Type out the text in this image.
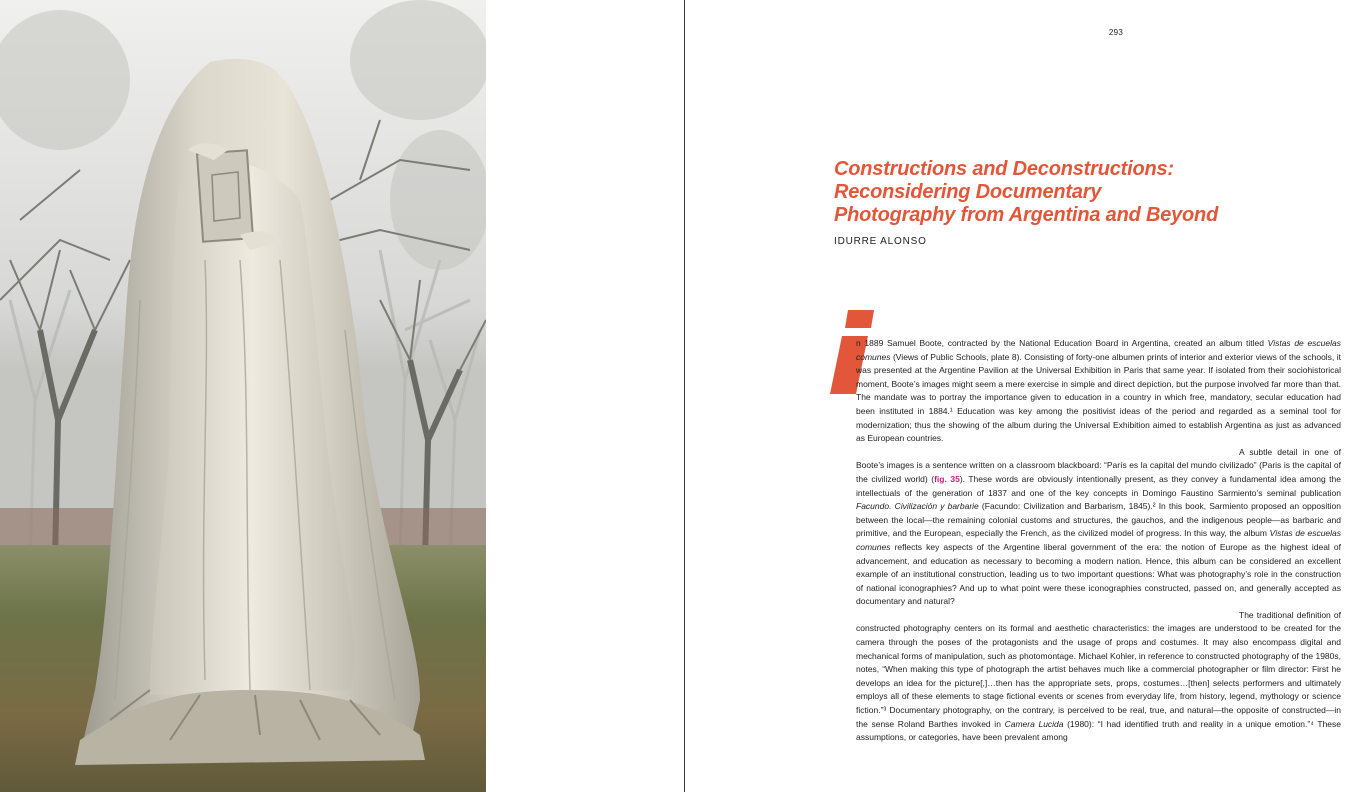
293
Constructions and Deconstructions:
Reconsidering Documentary
Photography from Argentina and Beyond
IDURRE ALONSO

n 1889 Samuel Boote, contracted by the National Education Board in Argentina, created an album titled Vistas de escuelas comunes (Views of Public Schools, plate 8). Consisting of forty-one albumen prints of interior and exterior views of the schools, it was presented at the Argentine Pavilion at the Universal Exhibition in Paris that same year. If isolated from their sociohistorical moment, Boote’s images might seem a mere exercise in simple and direct depiction, but the purpose involved far more than that. The mandate was to portray the importance given to education in a country in which free, mandatory, secular education had been instituted in 1884.¹ Education was key among the positivist ideas of the period and regarded as a seminal tool for modernization; thus the showing of the album during the Universal Exhibition aimed to establish Argentina as just as advanced as European countries.

A subtle detail in one of Boote’s images is a sentence written on a classroom blackboard: “París es la capital del mundo civilizado” (Paris is the capital of the civilized world) (fig. 35). These words are obviously intentionally present, as they convey a fundamental idea among the intellectuals of the generation of 1837 and one of the key concepts in Domingo Faustino Sarmiento’s seminal publication Facundo. Civilización y barbarie (Facundo: Civilization and Barbarism, 1845).² In this book, Sarmiento proposed an opposition between the local—the remaining colonial customs and structures, the gauchos, and the indigenous people—as barbaric and primitive, and the European, especially the French, as the civilized model of progress. In this way, the album Vistas de escuelas comunes reflects key aspects of the Argentine liberal government of the era: the notion of Europe as the highest ideal of advancement, and education as necessary to becoming a modern nation. Hence, this album can be considered an excellent example of an institutional construction, leading us to two important questions: What was photography’s role in the construction of national iconographies? And up to what point were these iconographies constructed, passed on, and generally accepted as documentary and natural?

The traditional definition of constructed photography centers on its formal and aesthetic characteristics: the images are understood to be created for the camera through the poses of the protagonists and the usage of props and costumes. It may also encompass digital and mechanical forms of manipulation, such as photomontage. Michael Kohler, in reference to constructed photography of the 1980s, notes, “When making this type of photograph the artist behaves much like a commercial photographer or film director: First he develops an idea for the picture[,]…then has the appropriate sets, props, costumes…[then] selects performers and ultimately employs all of these elements to stage fictional events or scenes from everyday life, from history, legend, mythology or science fiction.”³ Documentary photography, on the contrary, is perceived to be real, true, and natural—the opposite of constructed—in the sense Roland Barthes invoked in Camera Lucida (1980): “I had identified truth and reality in a unique emotion.”⁴ These assumptions, or categories, have been prevalent among
